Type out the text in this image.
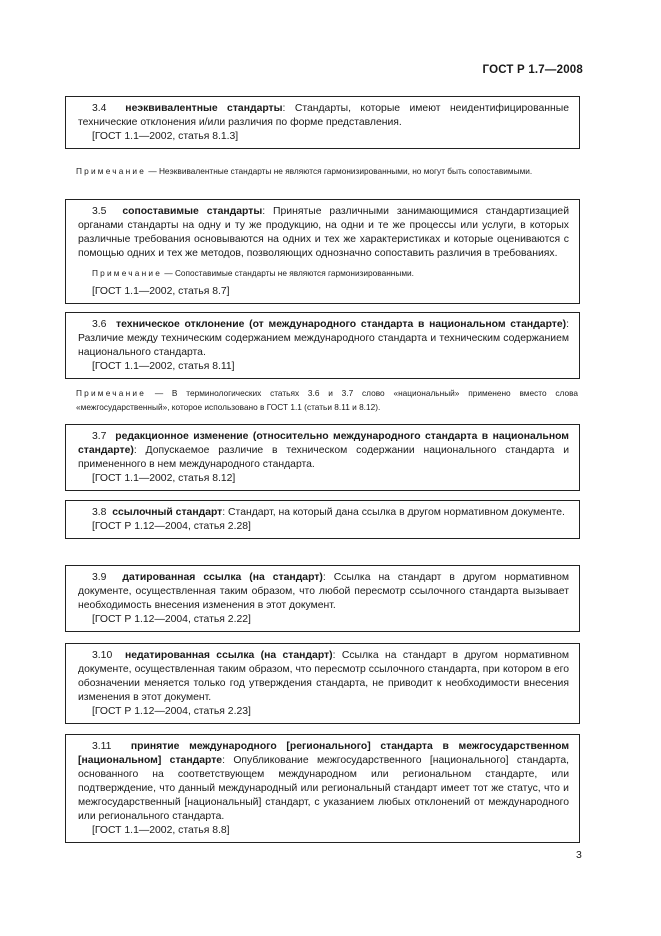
ГОСТ Р 1.7—2008

3.4 неэквивалентные стандарты: Стандарты, которые имеют неидентифицированные технические отклонения и/или различия по форме представления.

[ГОСТ 1.1—2002, статья 8.1.3]

Примечание — Неэквивалентные стандарты не являются гармонизированными, но могут быть сопоставимыми.

3.5 сопоставимые стандарты: Принятые различными занимающимися стандартизацией органами стандарты на одну и ту же продукцию, на одни и те же процессы или услуги, в которых различные требования основываются на одних и тех же характеристиках и которые оцениваются с помощью одних и тех же методов, позволяющих однозначно сопоставить различия в требованиях.

Примечание — Сопоставимые стандарты не являются гармонизированными.

[ГОСТ 1.1—2002, статья 8.7]

3.6 техническое отклонение (от международного стандарта в национальном стандарте): Различие между техническим содержанием международного стандарта и техническим содержанием национального стандарта.

[ГОСТ 1.1—2002, статья 8.11]

Примечание — В терминологических статьях 3.6 и 3.7 слово «национальный» применено вместо слова «межгосударственный», которое использовано в ГОСТ 1.1 (статьи 8.11 и 8.12).

3.7 редакционное изменение (относительно международного стандарта в национальном стандарте): Допускаемое различие в техническом содержании национального стандарта и примененного в нем международного стандарта.

[ГОСТ 1.1—2002, статья 8.12]

3.8 ссылочный стандарт: Стандарт, на который дана ссылка в другом нормативном документе.

[ГОСТ Р 1.12—2004, статья 2.28]

3.9 датированная ссылка (на стандарт): Ссылка на стандарт в другом нормативном документе, осуществленная таким образом, что любой пересмотр ссылочного стандарта вызывает необходимость внесения изменения в этот документ.

[ГОСТ Р 1.12—2004, статья 2.22]

3.10 недатированная ссылка (на стандарт): Ссылка на стандарт в другом нормативном документе, осуществленная таким образом, что пересмотр ссылочного стандарта, при котором в его обозначении меняется только год утверждения стандарта, не приводит к необходимости внесения изменения в этот документ.

[ГОСТ Р 1.12—2004, статья 2.23]

3.11 принятие международного [регионального] стандарта в межгосударственном [национальном] стандарте: Опубликование межгосударственного [национального] стандарта, основанного на соответствующем международном или региональном стандарте, или подтверждение, что данный международный или региональный стандарт имеет тот же статус, что и межгосударственный [национальный] стандарт, с указанием любых отклонений от международного или регионального стандарта.

[ГОСТ 1.1—2002, статья 8.8]

3
